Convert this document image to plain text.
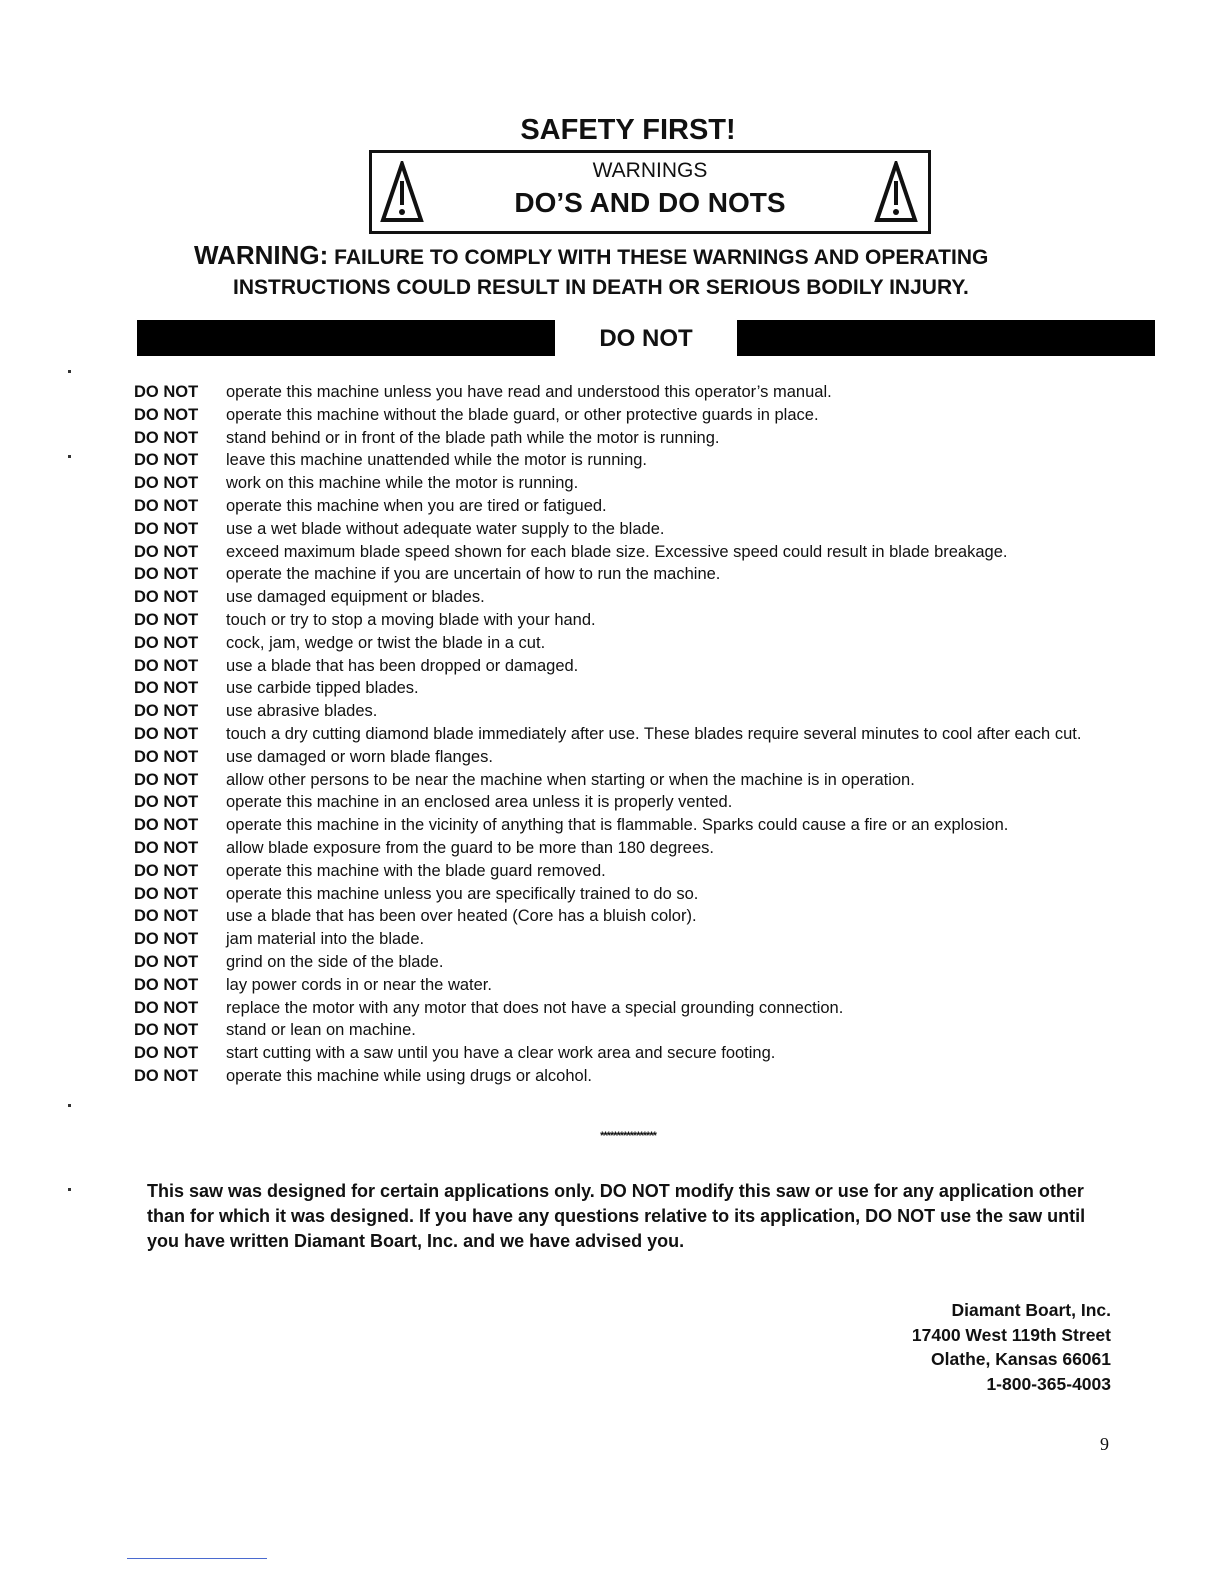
SAFETY FIRST!
WARNINGS
DO’S AND DO NOTS
WARNING: FAILURE TO COMPLY WITH THESE WARNINGS AND OPERATING
INSTRUCTIONS COULD RESULT IN DEATH OR SERIOUS BODILY INJURY.
DO NOT
DO NOT	operate this machine unless you have read and understood this operator’s manual.
DO NOT	operate this machine without the blade guard, or other protective guards in place.
DO NOT	stand behind or in front of the blade path while the motor is running.
DO NOT	leave this machine unattended while the motor is running.
DO NOT	work on this machine while the motor is running.
DO NOT	operate this machine when you are tired or fatigued.
DO NOT	use a wet blade without adequate water supply to the blade.
DO NOT	exceed maximum blade speed shown for each blade size. Excessive speed could result in blade breakage.
DO NOT	operate the machine if you are uncertain of how to run the machine.
DO NOT	use damaged equipment or blades.
DO NOT	touch or try to stop a moving blade with your hand.
DO NOT	cock, jam, wedge or twist the blade in a cut.
DO NOT	use a blade that has been dropped or damaged.
DO NOT	use carbide tipped blades.
DO NOT	use abrasive blades.
DO NOT	touch a dry cutting diamond blade immediately after use. These blades require several minutes to cool after each cut.
DO NOT	use damaged or worn blade flanges.
DO NOT	allow other persons to be near the machine when starting or when the machine is in operation.
DO NOT	operate this machine in an enclosed area unless it is properly vented.
DO NOT	operate this machine in the vicinity of anything that is flammable. Sparks could cause a fire or an explosion.
DO NOT	allow blade exposure from the guard to be more than 180 degrees.
DO NOT	operate this machine with the blade guard removed.
DO NOT	operate this machine unless you are specifically trained to do so.
DO NOT	use a blade that has been over heated (Core has a bluish color).
DO NOT	jam material into the blade.
DO NOT	grind on the side of the blade.
DO NOT	lay power cords in or near the water.
DO NOT	replace the motor with any motor that does not have a special grounding connection.
DO NOT	stand or lean on machine.
DO NOT	start cutting with a saw until you have a clear work area and secure footing.
DO NOT	operate this machine while using drugs or alcohol.
*****************
This saw was designed for certain applications only. DO NOT modify this saw or use for any application other than for which it was designed. If you have any questions relative to its application, DO NOT use the saw until you have written Diamant Boart, Inc. and we have advised you.
Diamant Boart, Inc.
17400 West 119th Street
Olathe, Kansas 66061
1-800-365-4003
9
